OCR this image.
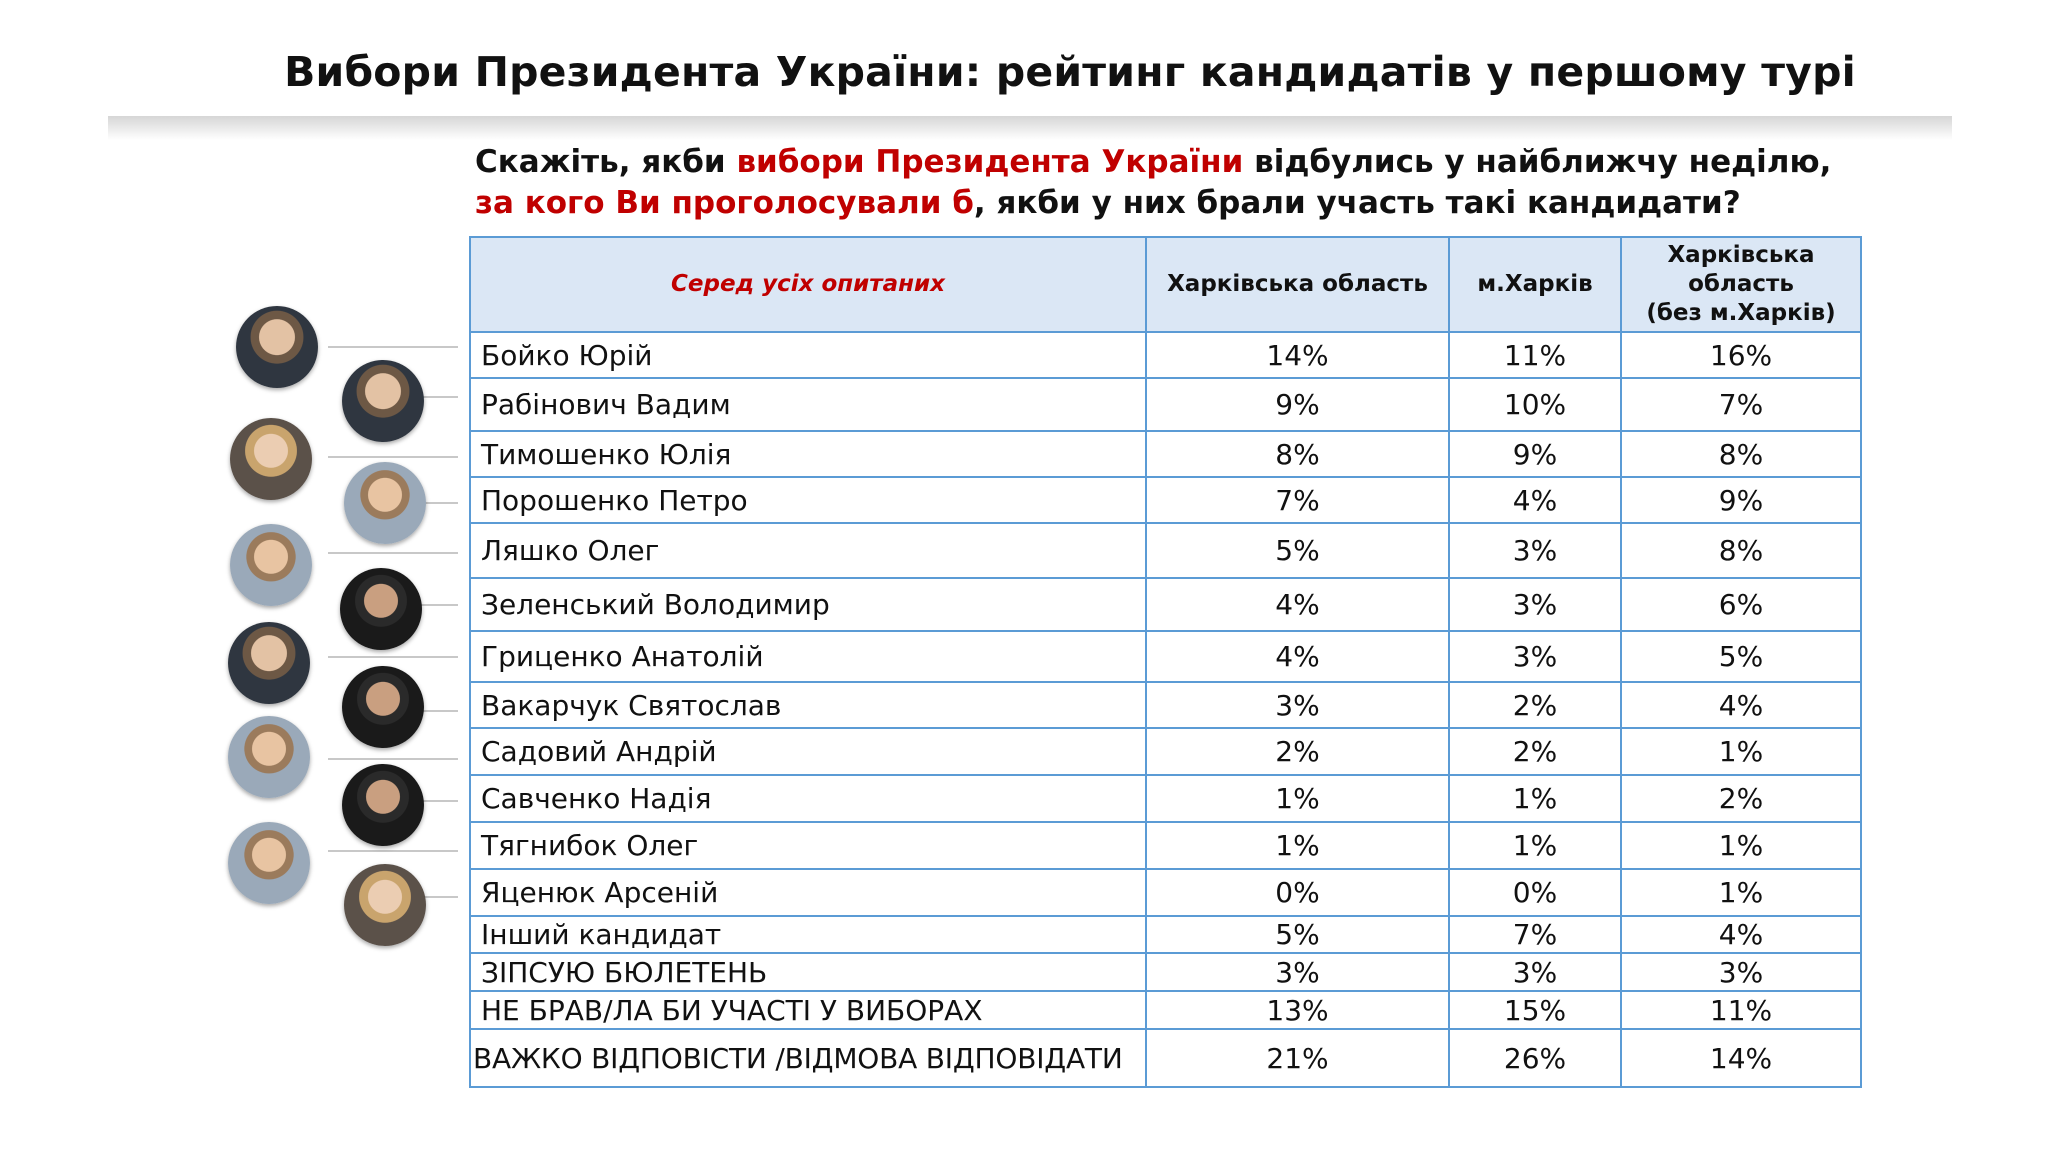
Вибори Президента України: рейтинг кандидатів у першому турі
Скажіть, якби вибори Президента України відбулись у найближчу неділю,
за кого Ви проголосували б, якби у них брали участь такі кандидати?
Серед усіх опитаних	Харківська область	м.Харків	Харківська
область
(без м.Харків)

Бойко Юрій	14%	11%	16%
Рабінович Вадим	9%	10%	7%
Тимошенко Юлія	8%	9%	8%
Порошенко Петро	7%	4%	9%
Ляшко Олег	5%	3%	8%
Зеленський Володимир	4%	3%	6%
Гриценко Анатолій	4%	3%	5%
Вакарчук Святослав	3%	2%	4%
Садовий Андрій	2%	2%	1%
Савченко Надія	1%	1%	2%
Тягнибок Олег	1%	1%	1%
Яценюк Арсеній	0%	0%	1%
Інший кандидат	5%	7%	4%
ЗІПСУЮ БЮЛЕТЕНЬ	3%	3%	3%
НЕ БРАВ/ЛА БИ УЧАСТІ У ВИБОРАХ	13%	15%	11%
ВАЖКО ВІДПОВІСТИ /ВІДМОВА ВІДПОВІДАТИ	21%	26%	14%
